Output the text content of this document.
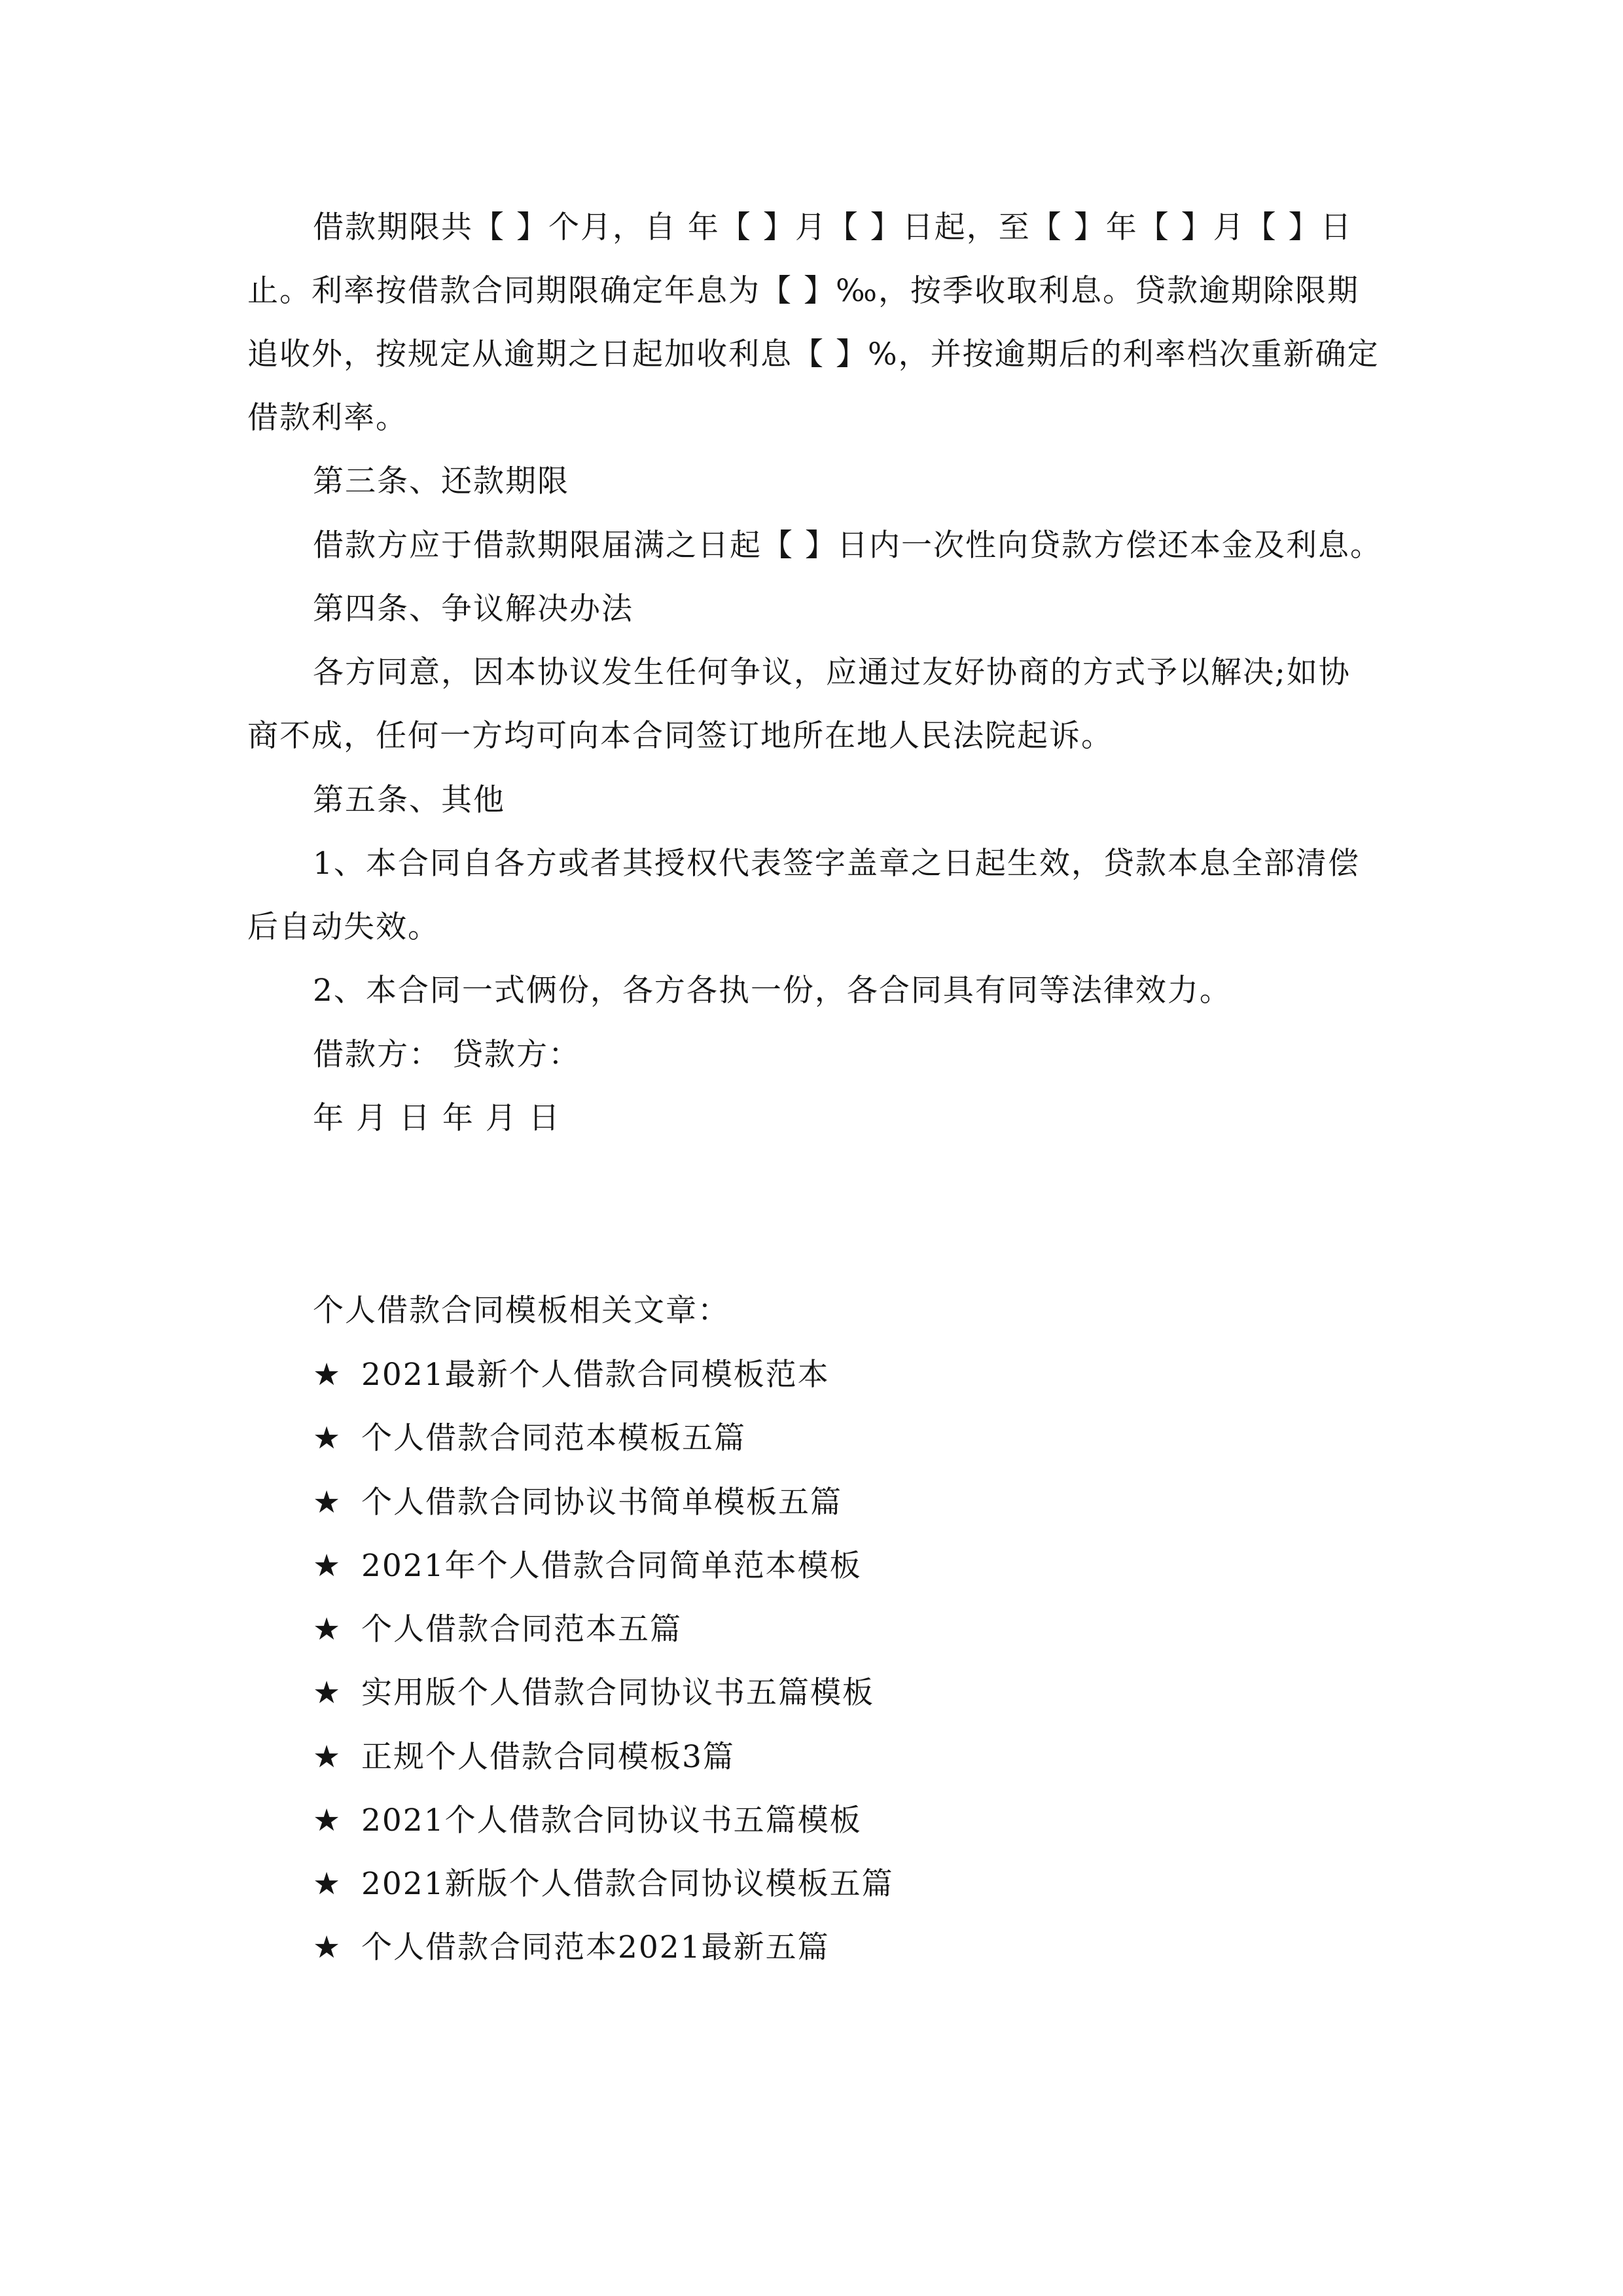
借款期限共【 】个月，自 年【 】月【 】日起，至【 】年【 】月【 】日
止。利率按借款合同期限确定年息为【 】‰，按季收取利息。贷款逾期除限期
追收外，按规定从逾期之日起加收利息【 】%，并按逾期后的利率档次重新确定
借款利率。
第三条、还款期限
借款方应于借款期限届满之日起【 】日内一次性向贷款方偿还本金及利息。
第四条、争议解决办法
各方同意，因本协议发生任何争议，应通过友好协商的方式予以解决;如协
商不成，任何一方均可向本合同签订地所在地人民法院起诉。
第五条、其他
1、本合同自各方或者其授权代表签字盖章之日起生效，贷款本息全部清偿
后自动失效。
2、本合同一式俩份，各方各执一份，各合同具有同等法律效力。
借款方： 贷款方：
年 月 日 年 月 日
个人借款合同模板相关文章：
★ 2021最新个人借款合同模板范本
★ 个人借款合同范本模板五篇
★ 个人借款合同协议书简单模板五篇
★ 2021年个人借款合同简单范本模板
★ 个人借款合同范本五篇
★ 实用版个人借款合同协议书五篇模板
★ 正规个人借款合同模板3篇
★ 2021个人借款合同协议书五篇模板
★ 2021新版个人借款合同协议模板五篇
★ 个人借款合同范本2021最新五篇
